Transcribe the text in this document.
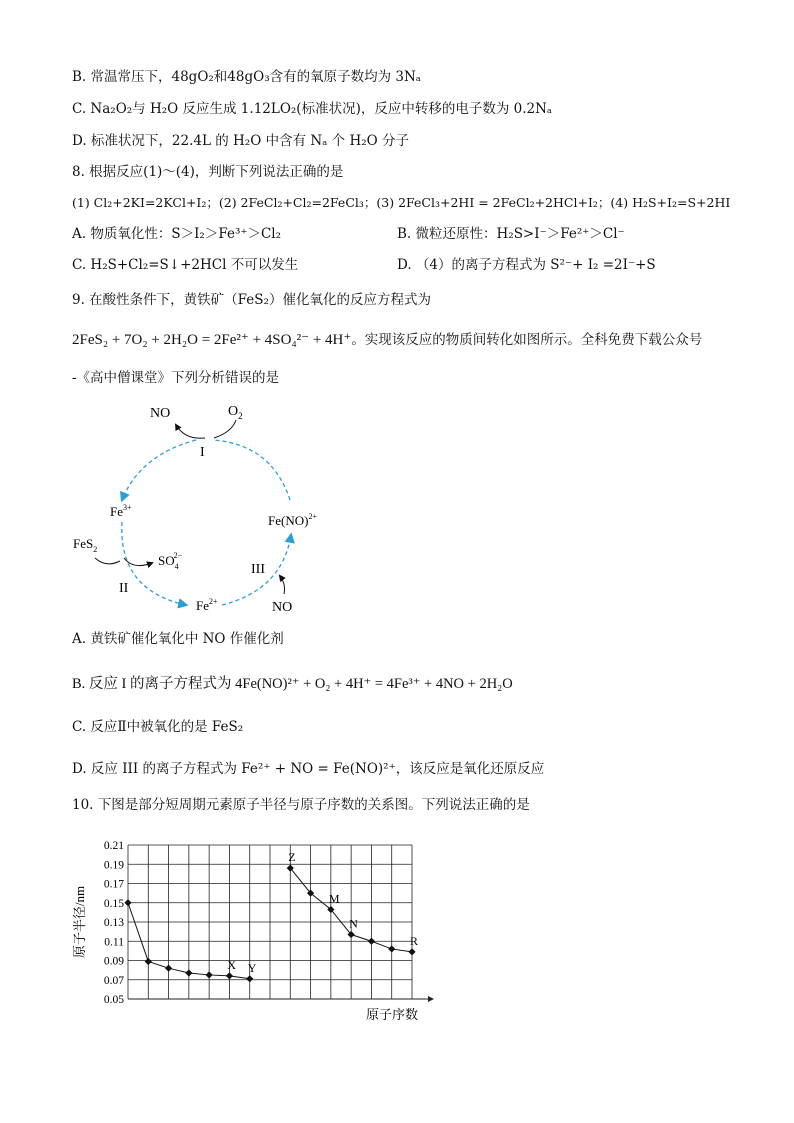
B. 常温常压下，48gO₂和48gO₃含有的氧原子数均为 3Nₐ
C. Na₂O₂与 H₂O 反应生成 1.12LO₂(标准状况)，反应中转移的电子数为 0.2Nₐ
D. 标准状况下，22.4L 的 H₂O 中含有 Nₐ 个 H₂O 分子
8. 根据反应(1)～(4)，判断下列说法正确的是
(1) Cl₂+2KI=2KCl+I₂；(2) 2FeCl₂+Cl₂=2FeCl₃；(3) 2FeCl₃+2HI = 2FeCl₂+2HCl+I₂；(4) H₂S+I₂=S+2HI
A. 物质氧化性：S＞I₂＞Fe³⁺＞Cl₂	B. 微粒还原性：H₂S>I⁻＞Fe²⁺＞Cl⁻
C. H₂S+Cl₂=S↓+2HCl 不可以发生	D. （4）的离子方程式为 S²⁻+ I₂ =2I⁻+S
9. 在酸性条件下，黄铁矿（FeS₂）催化氧化的反应方程式为
2FeS₂ + 7O₂ + 2H₂O = 2Fe²⁺ + 4SO₄²⁻ + 4H⁺。实现该反应的物质间转化如图所示。全科免费下载公众号
-《高中僧课堂》下列分析错误的是
NO	$O_2$
I
$Fe^{3+}$
Fe(NO)$^{2+}$
FeS$_2$
$SO_42-$
II
III
$Fe^{2+}$	NO
A. 黄铁矿催化氧化中 NO 作催化剂
B. 反应 I 的离子方程式为 4Fe(NO)²⁺ + O₂ + 4H⁺ = 4Fe³⁺ + 4NO + 2H₂O
C. 反应Ⅱ中被氧化的是 FeS₂
D. 反应 III 的离子方程式为 Fe²⁺ + NO = Fe(NO)²⁺，该反应是氧化还原反应
10. 下图是部分短周期元素原子半径与原子序数的关系图。下列说法正确的是
0.21
0.19
0.17
0.15
0.13
0.11
0.09
0.07
0.05
原子半径/nm
原子序数
X Y
Z
M
N
R
